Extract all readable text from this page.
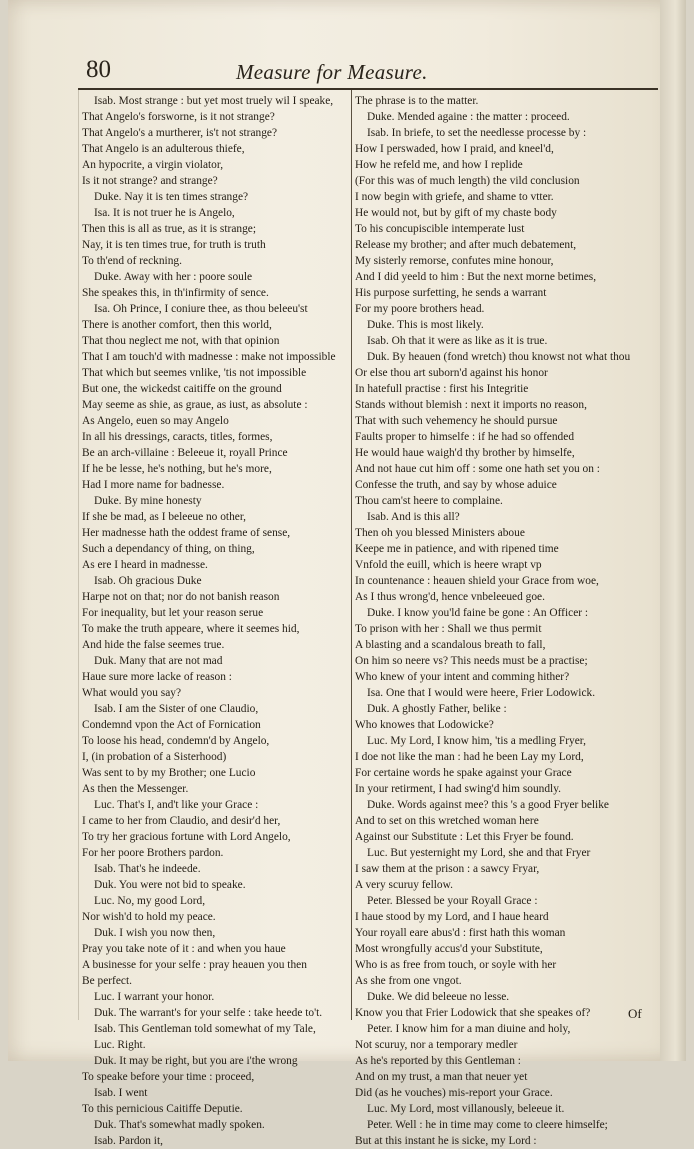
80	Measure for Measure.
Isab. Most strange : but yet most truely wil I speake,
That Angelo's forsworne, is it not strange?
That Angelo's a murtherer, is't not strange?
That Angelo is an adulterous thiefe,
An hypocrite, a virgin violator,
Is it not strange? and strange?
Duke. Nay it is ten times strange?
Isa. It is not truer he is Angelo,
Then this is all as true, as it is strange;
Nay, it is ten times true, for truth is truth
To th'end of reckning.
Duke. Away with her : poore soule
She speakes this, in th'infirmity of sence.
Isa. Oh Prince, I coniure thee, as thou beleeu'st
There is another comfort, then this world,
That thou neglect me not, with that opinion
That I am touch'd with madnesse : make not impossible
That which but seemes vnlike, 'tis not impossible
But one, the wickedst caitiffe on the ground
May seeme as shie, as graue, as iust, as absolute :
As Angelo, euen so may Angelo
In all his dressings, caracts, titles, formes,
Be an arch-villaine : Beleeue it, royall Prince
If he be lesse, he's nothing, but he's more,
Had I more name for badnesse.
Duke. By mine honesty
If she be mad, as I beleeue no other,
Her madnesse hath the oddest frame of sense,
Such a dependancy of thing, on thing,
As ere I heard in madnesse.
Isab. Oh gracious Duke
Harpe not on that; nor do not banish reason
For inequality, but let your reason serue
To make the truth appeare, where it seemes hid,
And hide the false seemes true.
Duk. Many that are not mad
Haue sure more lacke of reason :
What would you say?
Isab. I am the Sister of one Claudio,
Condemnd vpon the Act of Fornication
To loose his head, condemn'd by Angelo,
I, (in probation of a Sisterhood)
Was sent to by my Brother; one Lucio
As then the Messenger.
Luc. That's I, and't like your Grace :
I came to her from Claudio, and desir'd her,
To try her gracious fortune with Lord Angelo,
For her poore Brothers pardon.
Isab. That's he indeede.
Duk. You were not bid to speake.
Luc. No, my good Lord,
Nor wish'd to hold my peace.
Duk. I wish you now then,
Pray you take note of it : and when you haue
A businesse for your selfe : pray heauen you then
Be perfect.
Luc. I warrant your honor.
Duk. The warrant's for your selfe : take heede to't.
Isab. This Gentleman told somewhat of my Tale,
Luc. Right.
Duk. It may be right, but you are i'the wrong
To speake before your time : proceed,
Isab. I went
To this pernicious Caitiffe Deputie.
Duk. That's somewhat madly spoken.
Isab. Pardon it,
The phrase is to the matter.
Duke. Mended againe : the matter : proceed.
Isab. In briefe, to set the needlesse processe by :
How I perswaded, how I praid, and kneel'd,
How he refeld me, and how I replide
(For this was of much length) the vild conclusion
I now begin with griefe, and shame to vtter.
He would not, but by gift of my chaste body
To his concupiscible intemperate lust
Release my brother; and after much debatement,
My sisterly remorse, confutes mine honour,
And I did yeeld to him : But the next morne betimes,
His purpose surfetting, he sends a warrant
For my poore brothers head.
Duke. This is most likely.
Isab. Oh that it were as like as it is true.
Duk. By heauen (fond wretch) thou knowst not what thou
Or else thou art suborn'd against his honor
In hatefull practise : first his Integritie
Stands without blemish : next it imports no reason,
That with such vehemency he should pursue
Faults proper to himselfe : if he had so offended
He would haue waigh'd thy brother by himselfe,
And not haue cut him off : some one hath set you on :
Confesse the truth, and say by whose aduice
Thou cam'st heere to complaine.
Isab. And is this all?
Then oh you blessed Ministers aboue
Keepe me in patience, and with ripened time
Vnfold the euill, which is heere wrapt vp
In countenance : heauen shield your Grace from woe,
As I thus wrong'd, hence vnbeleeued goe.
Duke. I know you'ld faine be gone : An Officer :
To prison with her : Shall we thus permit
A blasting and a scandalous breath to fall,
On him so neere vs? This needs must be a practise;
Who knew of your intent and comming hither?
Isa. One that I would were heere, Frier Lodowick.
Duk. A ghostly Father, belike :
Who knowes that Lodowicke?
Luc. My Lord, I know him, 'tis a medling Fryer,
I doe not like the man : had he been Lay my Lord,
For certaine words he spake against your Grace
In your retirment, I had swing'd him soundly.
Duke. Words against mee? this 's a good Fryer belike
And to set on this wretched woman here
Against our Substitute : Let this Fryer be found.
Luc. But yesternight my Lord, she and that Fryer
I saw them at the prison : a sawcy Fryar,
A very scuruy fellow.
Peter. Blessed be your Royall Grace :
I haue stood by my Lord, and I haue heard
Your royall eare abus'd : first hath this woman
Most wrongfully accus'd your Substitute,
Who is as free from touch, or soyle with her
As she from one vngot.
Duke. We did beleeue no lesse.
Know you that Frier Lodowick that she speakes of?
Peter. I know him for a man diuine and holy,
Not scuruy, nor a temporary medler
As he's reported by this Gentleman :
And on my trust, a man that neuer yet
Did (as he vouches) mis-report your Grace.
Luc. My Lord, most villanously, beleeue it.
Peter. Well : he in time may come to cleere himselfe;
But at this instant he is sicke, my Lord :
Of
